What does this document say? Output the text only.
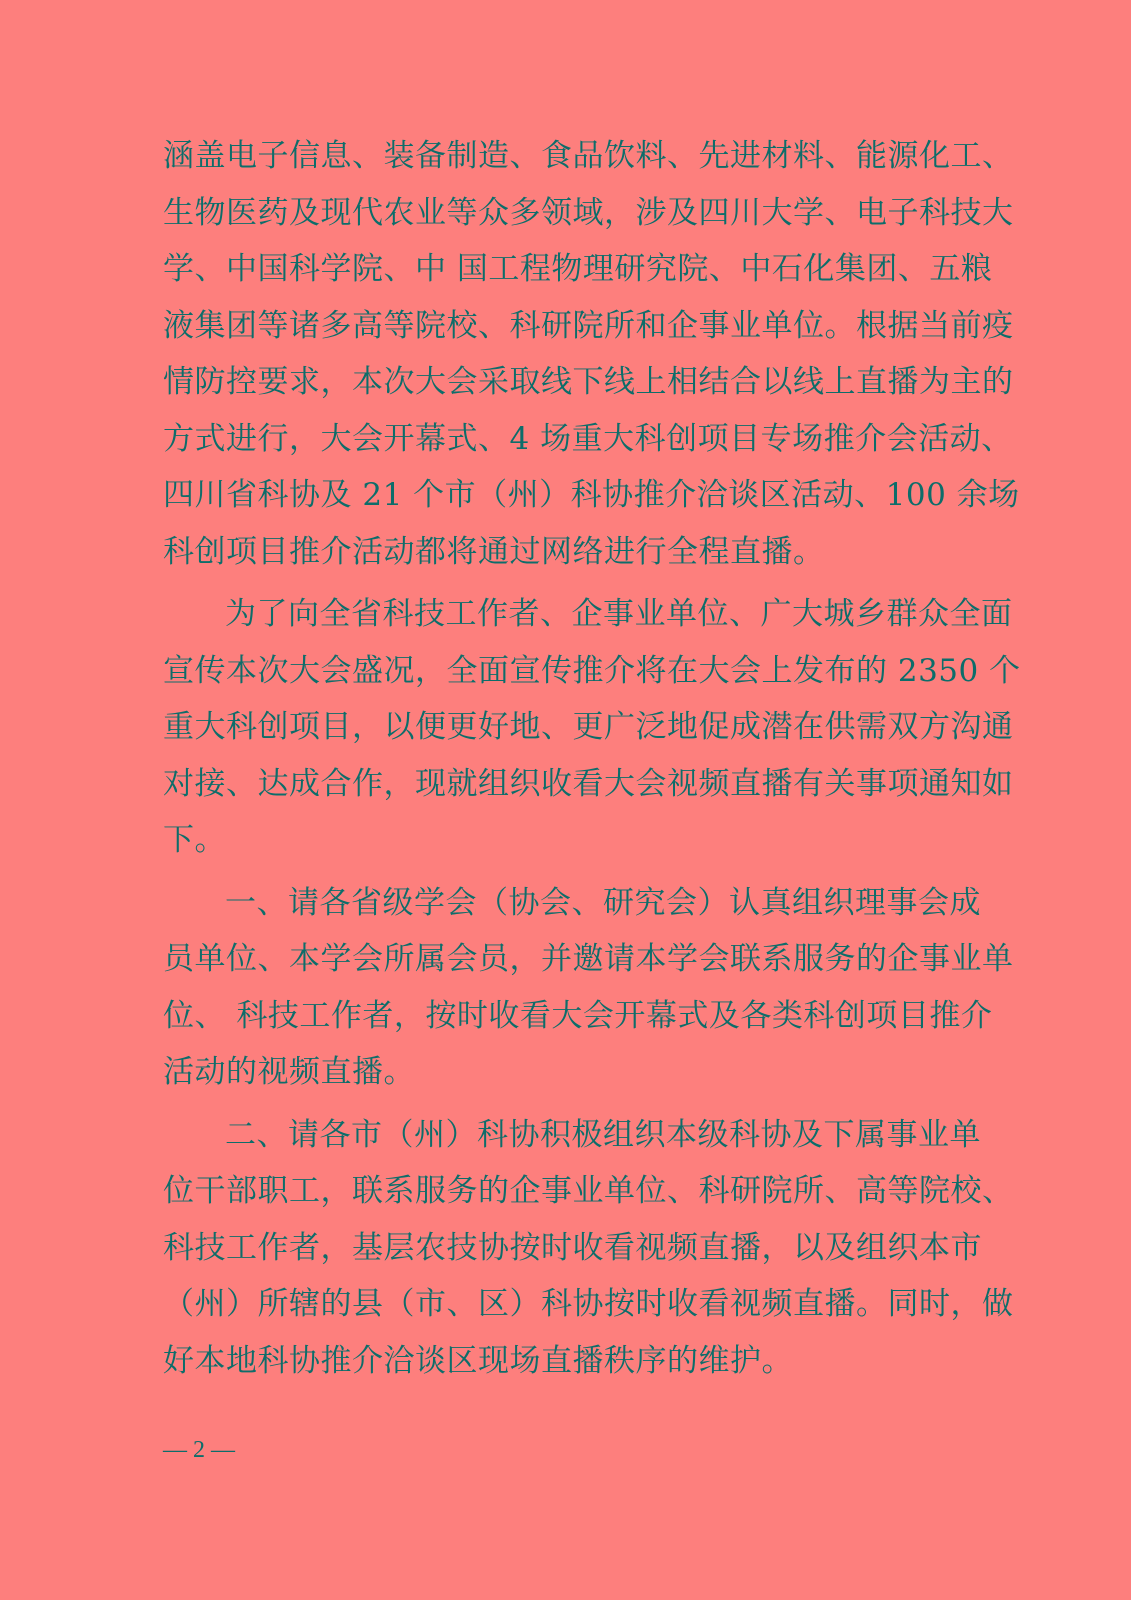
涵盖电子信息、装备制造、食品饮料、先进材料、能源化工、
生物医药及现代农业等众多领域，涉及四川大学、电子科技大
学、中国科学院、中 国工程物理研究院、中石化集团、五粮
液集团等诸多高等院校、科研院所和企事业单位。根据当前疫
情防控要求，本次大会采取线下线上相结合以线上直播为主的
方式进行，大会开幕式、4 场重大科创项目专场推介会活动、
四川省科协及 21 个市（州）科协推介洽谈区活动、100 余场
科创项目推介活动都将通过网络进行全程直播。
为了向全省科技工作者、企事业单位、广大城乡群众全面
宣传本次大会盛况，全面宣传推介将在大会上发布的 2350 个
重大科创项目，以便更好地、更广泛地促成潜在供需双方沟通
对接、达成合作，现就组织收看大会视频直播有关事项通知如
下。
一、请各省级学会（协会、研究会）认真组织理事会成
员单位、本学会所属会员，并邀请本学会联系服务的企事业单
位、 科技工作者，按时收看大会开幕式及各类科创项目推介
活动的视频直播。
二、请各市（州）科协积极组织本级科协及下属事业单
位干部职工，联系服务的企事业单位、科研院所、高等院校、
科技工作者，基层农技协按时收看视频直播，以及组织本市
（州）所辖的县（市、区）科协按时收看视频直播。同时，做
好本地科协推介洽谈区现场直播秩序的维护。
— 2 —
